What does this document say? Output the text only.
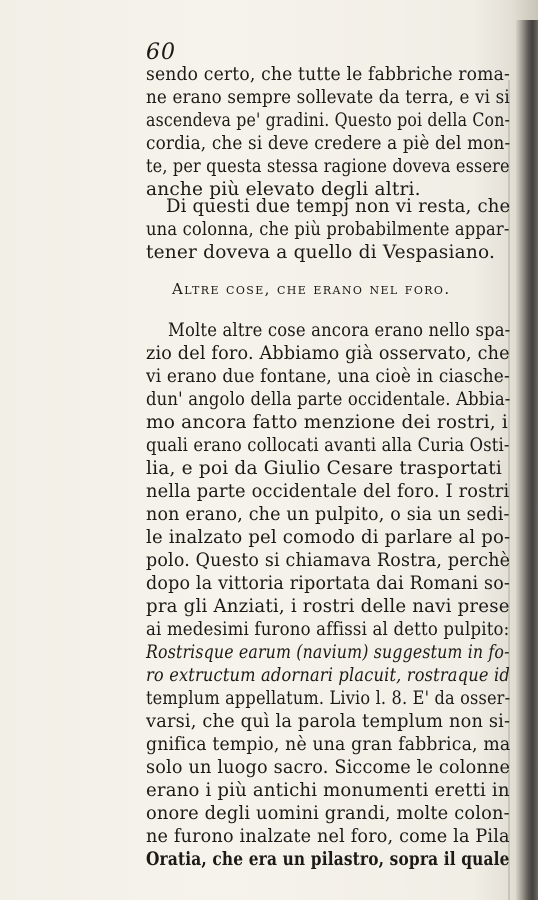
60
sendo certo, che tutte le fabbriche roma-
ne erano sempre sollevate da terra, e vi si
ascendeva pe' gradini. Questo poi della Con-
cordia, che si deve credere a piè del mon-
te, per questa stessa ragione doveva essere
anche più elevato degli altri.
Di questi due tempj non vi resta, che
una colonna, che più probabilmente appar-
tener doveva a quello di Vespasiano.
Altre cose, che erano nel foro.
Molte altre cose ancora erano nello spa-
zio del foro. Abbiamo già osservato, che
vi erano due fontane, una cioè in ciasche-
dun' angolo della parte occidentale. Abbia-
mo ancora fatto menzione dei rostri, i
quali erano collocati avanti alla Curia Osti-
lia, e poi da Giulio Cesare trasportati
nella parte occidentale del foro. I rostri
non erano, che un pulpito, o sia un sedi-
le inalzato pel comodo di parlare al po-
polo. Questo si chiamava Rostra, perchè
dopo la vittoria riportata dai Romani so-
pra gli Anziati, i rostri delle navi prese
ai medesimi furono affissi al detto pulpito:
Rostrisque earum (navium) suggestum in fo-
ro extructum adornari placuit, rostraque id
templum appellatum. Livio l. 8. E' da osser-
varsi, che quì la parola templum non si-
gnifica tempio, nè una gran fabbrica, ma
solo un luogo sacro. Siccome le colonne
erano i più antichi monumenti eretti in
onore degli uomini grandi, molte colon-
ne furono inalzate nel foro, come la Pila
Oratia, che era un pilastro, sopra il quale
